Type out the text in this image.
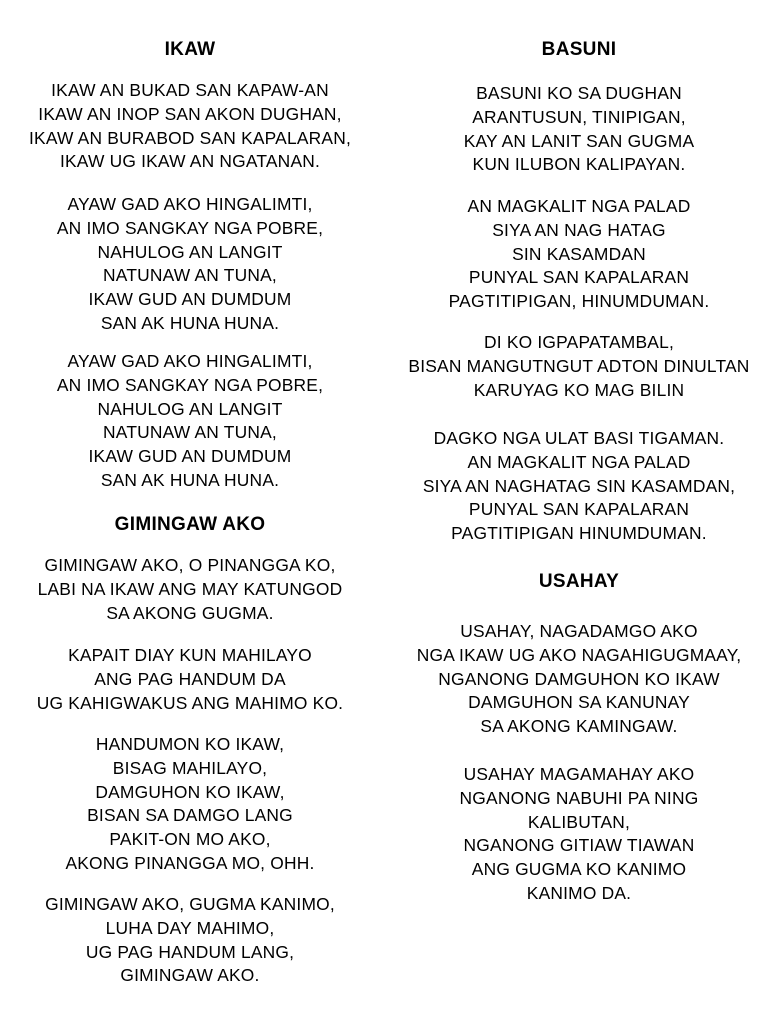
IKAW
IKAW AN BUKAD SAN KAPAW-AN
IKAW AN INOP SAN AKON DUGHAN,
IKAW AN BURABOD SAN KAPALARAN,
IKAW UG IKAW AN NGATANAN.
AYAW GAD AKO HINGALIMTI,
AN IMO SANGKAY NGA POBRE,
NAHULOG AN LANGIT
NATUNAW AN TUNA,
IKAW GUD AN DUMDUM
SAN AK HUNA HUNA.
AYAW GAD AKO HINGALIMTI,
AN IMO SANGKAY NGA POBRE,
NAHULOG AN LANGIT
NATUNAW AN TUNA,
IKAW GUD AN DUMDUM
SAN AK HUNA HUNA.
GIMINGAW AKO
GIMINGAW AKO, O PINANGGA KO,
LABI NA IKAW ANG MAY KATUNGOD
SA AKONG GUGMA.
KAPAIT DIAY KUN MAHILAYO
ANG PAG HANDUM DA
UG KAHIGWAKUS ANG MAHIMO KO.
HANDUMON KO IKAW,
BISAG MAHILAYO,
DAMGUHON KO IKAW,
BISAN SA DAMGO LANG
PAKIT-ON MO AKO,
AKONG PINANGGA MO, OHH.
GIMINGAW AKO, GUGMA KANIMO,
LUHA DAY MAHIMO,
UG PAG HANDUM LANG,
GIMINGAW AKO.
BASUNI
BASUNI KO SA DUGHAN
ARANTUSUN, TINIPIGAN,
KAY AN LANIT SAN GUGMA
KUN ILUBON KALIPAYAN.
AN MAGKALIT NGA PALAD
SIYA AN NAG HATAG
SIN KASAMDAN
PUNYAL SAN KAPALARAN
PAGTITIPIGAN, HINUMDUMAN.
DI KO IGPAPATAMBAL,
BISAN MANGUTNGUT ADTON DINULTAN
KARUYAG KO MAG BILIN
DAGKO NGA ULAT BASI TIGAMAN.
AN MAGKALIT NGA PALAD
SIYA AN NAGHATAG SIN KASAMDAN,
PUNYAL SAN KAPALARAN
PAGTITIPIGAN HINUMDUMAN.
USAHAY
USAHAY, NAGADAMGO AKO
NGA IKAW UG AKO NAGAHIGUGMAAY,
NGANONG DAMGUHON KO IKAW
DAMGUHON SA KANUNAY
SA AKONG KAMINGAW.
USAHAY MAGAMAHAY AKO
NGANONG NABUHI PA NING
KALIBUTAN,
NGANONG GITIAW TIAWAN
ANG GUGMA KO KANIMO
KANIMO DA.
